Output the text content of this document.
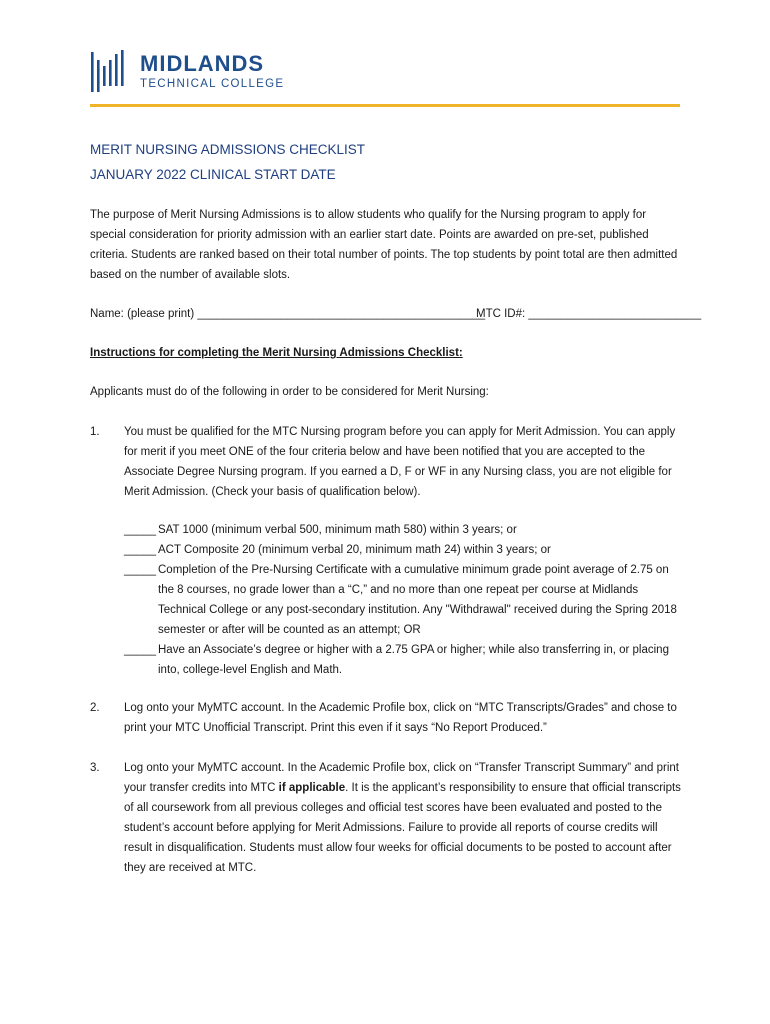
MIDLANDS
TECHNICAL COLLEGE
MERIT NURSING ADMISSIONS CHECKLIST
JANUARY 2022 CLINICAL START DATE
The purpose of Merit Nursing Admissions is to allow students who qualify for the Nursing program to apply for special consideration for priority admission with an earlier start date. Points are awarded on pre-set, published criteria. Students are ranked based on their total number of points. The top students by point total are then admitted based on the number of available slots.
Name: (please print) _____________________________________________
MTC ID#: ___________________________
Instructions for completing the Merit Nursing Admissions Checklist:
Applicants must do of the following in order to be considered for Merit Nursing:
1. You must be qualified for the MTC Nursing program before you can apply for Merit Admission. You can apply for merit if you meet ONE of the four criteria below and have been notified that you are accepted to the Associate Degree Nursing program. If you earned a D, F or WF in any Nursing class, you are not eligible for Merit Admission. (Check your basis of qualification below).
_____ SAT 1000 (minimum verbal 500, minimum math 580) within 3 years; or
_____ ACT Composite 20 (minimum verbal 20, minimum math 24) within 3 years; or
_____ Completion of the Pre-Nursing Certificate with a cumulative minimum grade point average of 2.75 on
the 8 courses, no grade lower than a “C,” and no more than one repeat per course at Midlands Technical College or any post-secondary institution. Any "Withdrawal" received during the Spring 2018 semester or after will be counted as an attempt; OR
_____ Have an Associate’s degree or higher with a 2.75 GPA or higher; while also transferring in, or placing
into, college-level English and Math.
2. Log onto your MyMTC account. In the Academic Profile box, click on “MTC Transcripts/Grades” and chose to print your MTC Unofficial Transcript. Print this even if it says “No Report Produced.”
3. Log onto your MyMTC account. In the Academic Profile box, click on “Transfer Transcript Summary” and print your transfer credits into MTC if applicable. It is the applicant’s responsibility to ensure that official transcripts of all coursework from all previous colleges and official test scores have been evaluated and posted to the student’s account before applying for Merit Admissions. Failure to provide all reports of course credits will result in disqualification. Students must allow four weeks for official documents to be posted to account after they are received at MTC.
